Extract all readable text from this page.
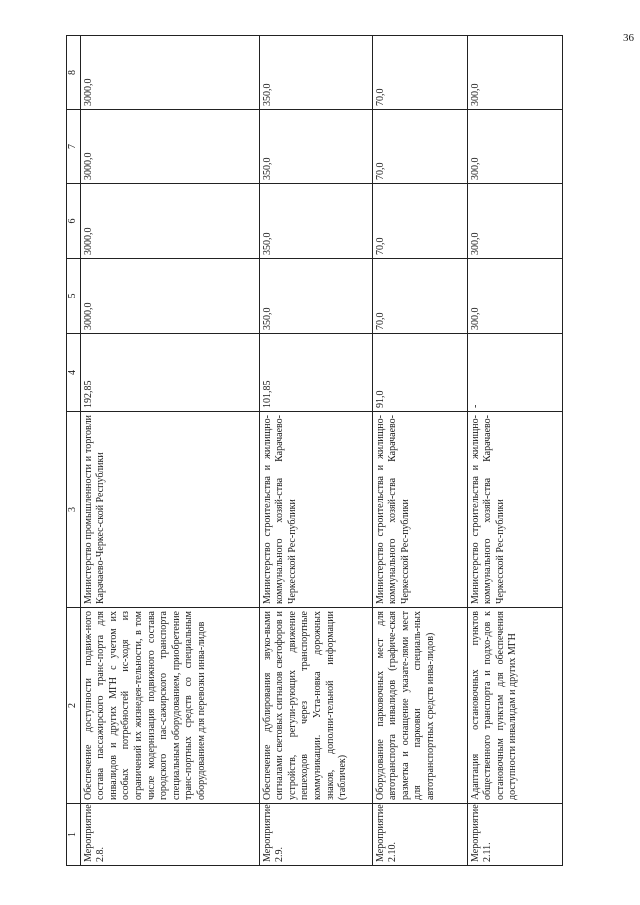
36
1	2	3	4	5	6	7	8
Мероприятие 2.8.	Обеспечение доступности подвиж-ного состава пассажирского транс-порта для инвалидов и других МГН с учетом их особых потребностей ис-ходя из ограничений их жизнедея-тельности, в том числе модернизация подвижного состава городского пас-сажирского транспорта специальным оборудованием, приобретение транс-портных средств со специальным оборудованием для перевозки инва-лидов	Министерство промышленности и торговли Карачаево-Черкес-ской Республики	192,85	3000,0	3000,0	3000,0	3000,0
Мероприятие 2.9.	Обеспечение дублирования звуко-выми сигналами световых сигналов светофоров и устройств, регули-рующих движение пешеходов через транспортные коммуникации. Уста-новка дорожных знаков, дополни-тельной информации (табличек)	Министерство строительства и жилищно-коммунального хозяй-ства Карачаево-Черкесской Рес-публики	101,85	350,0	350,0	350,0	350,0
Мероприятие 2.10.	Оборудование парковочных мест для автотранспорта инвалидов (графиче-ская разметка и оснащение указате-лями мест для парковки специаль-ных автотранспортных средств инва-лидов)	Министерство строительства и жилищно-коммунального хозяй-ства Карачаево-Черкесской Рес-публики	91,0	70,0	70,0	70,0	70,0
Мероприятие 2.11.	Адаптация остановочных пунктов общественного транспорта и подхо-дов к остановочным пунктам для обеспечения доступности инвалидам и других МГН	Министерство строительства и жилищно-коммунального хозяй-ства Карачаево-Черкесской Рес-публики	-	300,0	300,0	300,0	300,0
